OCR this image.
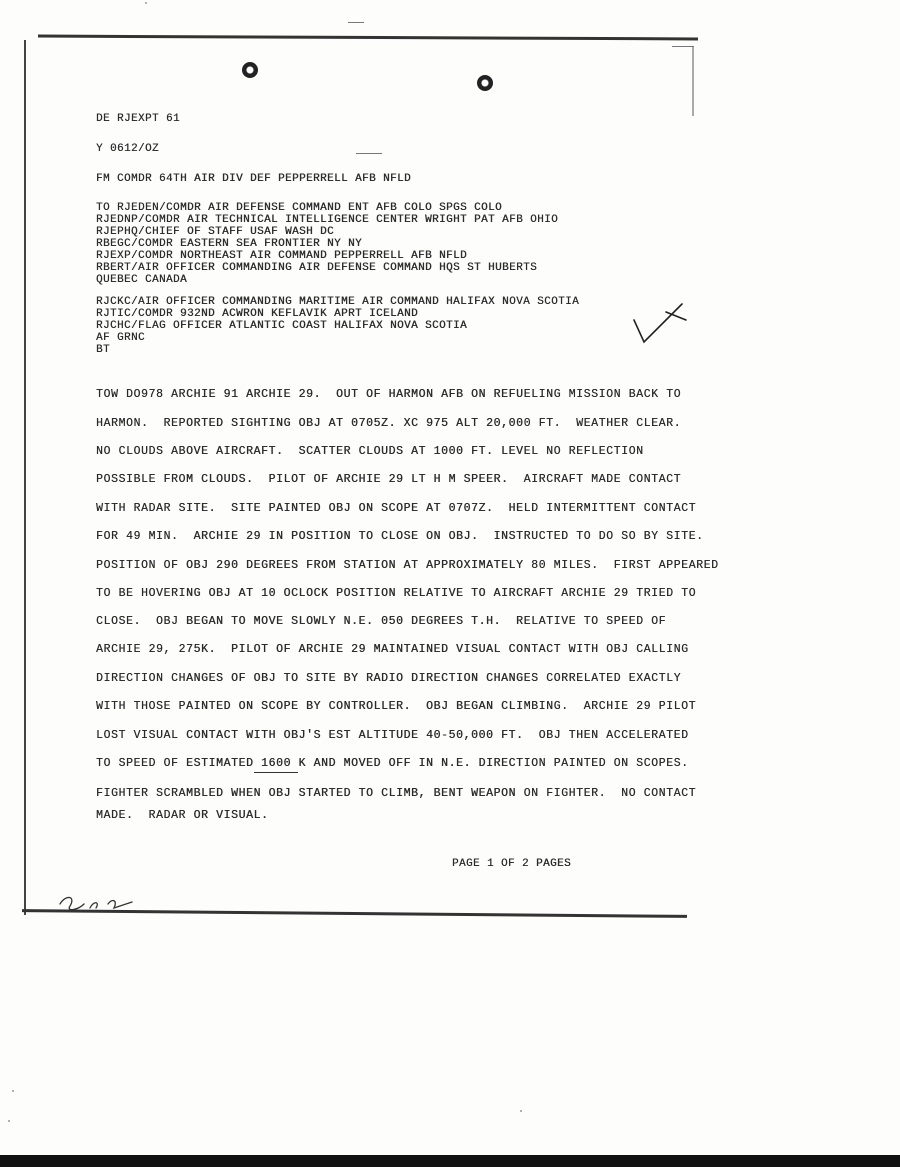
DE RJEXPT 61
Y 0612/OZ
FM COMDR 64TH AIR DIV DEF PEPPERRELL AFB NFLD
TO RJEDEN/COMDR AIR DEFENSE COMMAND ENT AFB COLO SPGS COLO
RJEDNP/COMDR AIR TECHNICAL INTELLIGENCE CENTER WRIGHT PAT AFB OHIO
RJEPHQ/CHIEF OF STAFF USAF WASH DC
RBEGC/COMDR EASTERN SEA FRONTIER NY NY
RJEXP/COMDR NORTHEAST AIR COMMAND PEPPERRELL AFB NFLD
RBERT/AIR OFFICER COMMANDING AIR DEFENSE COMMAND HQS ST HUBERTS
QUEBEC CANADA
RJCKC/AIR OFFICER COMMANDING MARITIME AIR COMMAND HALIFAX NOVA SCOTIA
RJTIC/COMDR 932ND ACWRON KEFLAVIK APRT ICELAND
RJCHC/FLAG OFFICER ATLANTIC COAST HALIFAX NOVA SCOTIA
AF GRNC
BT
TOW DO978 ARCHIE 91 ARCHIE 29.  OUT OF HARMON AFB ON REFUELING MISSION BACK TO
HARMON.  REPORTED SIGHTING OBJ AT 0705Z. XC 975 ALT 20,000 FT.  WEATHER CLEAR.
NO CLOUDS ABOVE AIRCRAFT.  SCATTER CLOUDS AT 1000 FT. LEVEL NO REFLECTION
POSSIBLE FROM CLOUDS.  PILOT OF ARCHIE 29 LT H M SPEER.  AIRCRAFT MADE CONTACT
WITH RADAR SITE.  SITE PAINTED OBJ ON SCOPE AT 0707Z.  HELD INTERMITTENT CONTACT
FOR 49 MIN.  ARCHIE 29 IN POSITION TO CLOSE ON OBJ.  INSTRUCTED TO DO SO BY SITE.
POSITION OF OBJ 290 DEGREES FROM STATION AT APPROXIMATELY 80 MILES.  FIRST APPEARED
TO BE HOVERING OBJ AT 10 OCLOCK POSITION RELATIVE TO AIRCRAFT ARCHIE 29 TRIED TO
CLOSE.  OBJ BEGAN TO MOVE SLOWLY N.E. 050 DEGREES T.H.  RELATIVE TO SPEED OF
ARCHIE 29, 275K.  PILOT OF ARCHIE 29 MAINTAINED VISUAL CONTACT WITH OBJ CALLING
DIRECTION CHANGES OF OBJ TO SITE BY RADIO DIRECTION CHANGES CORRELATED EXACTLY
WITH THOSE PAINTED ON SCOPE BY CONTROLLER.  OBJ BEGAN CLIMBING.  ARCHIE 29 PILOT
LOST VISUAL CONTACT WITH OBJ'S EST ALTITUDE 40-50,000 FT.  OBJ THEN ACCELERATED
TO SPEED OF ESTIMATED 1600 K AND MOVED OFF IN N.E. DIRECTION PAINTED ON SCOPES.
FIGHTER SCRAMBLED WHEN OBJ STARTED TO CLIMB, BENT WEAPON ON FIGHTER.  NO CONTACT
MADE.  RADAR OR VISUAL.
PAGE 1 OF 2 PAGES
